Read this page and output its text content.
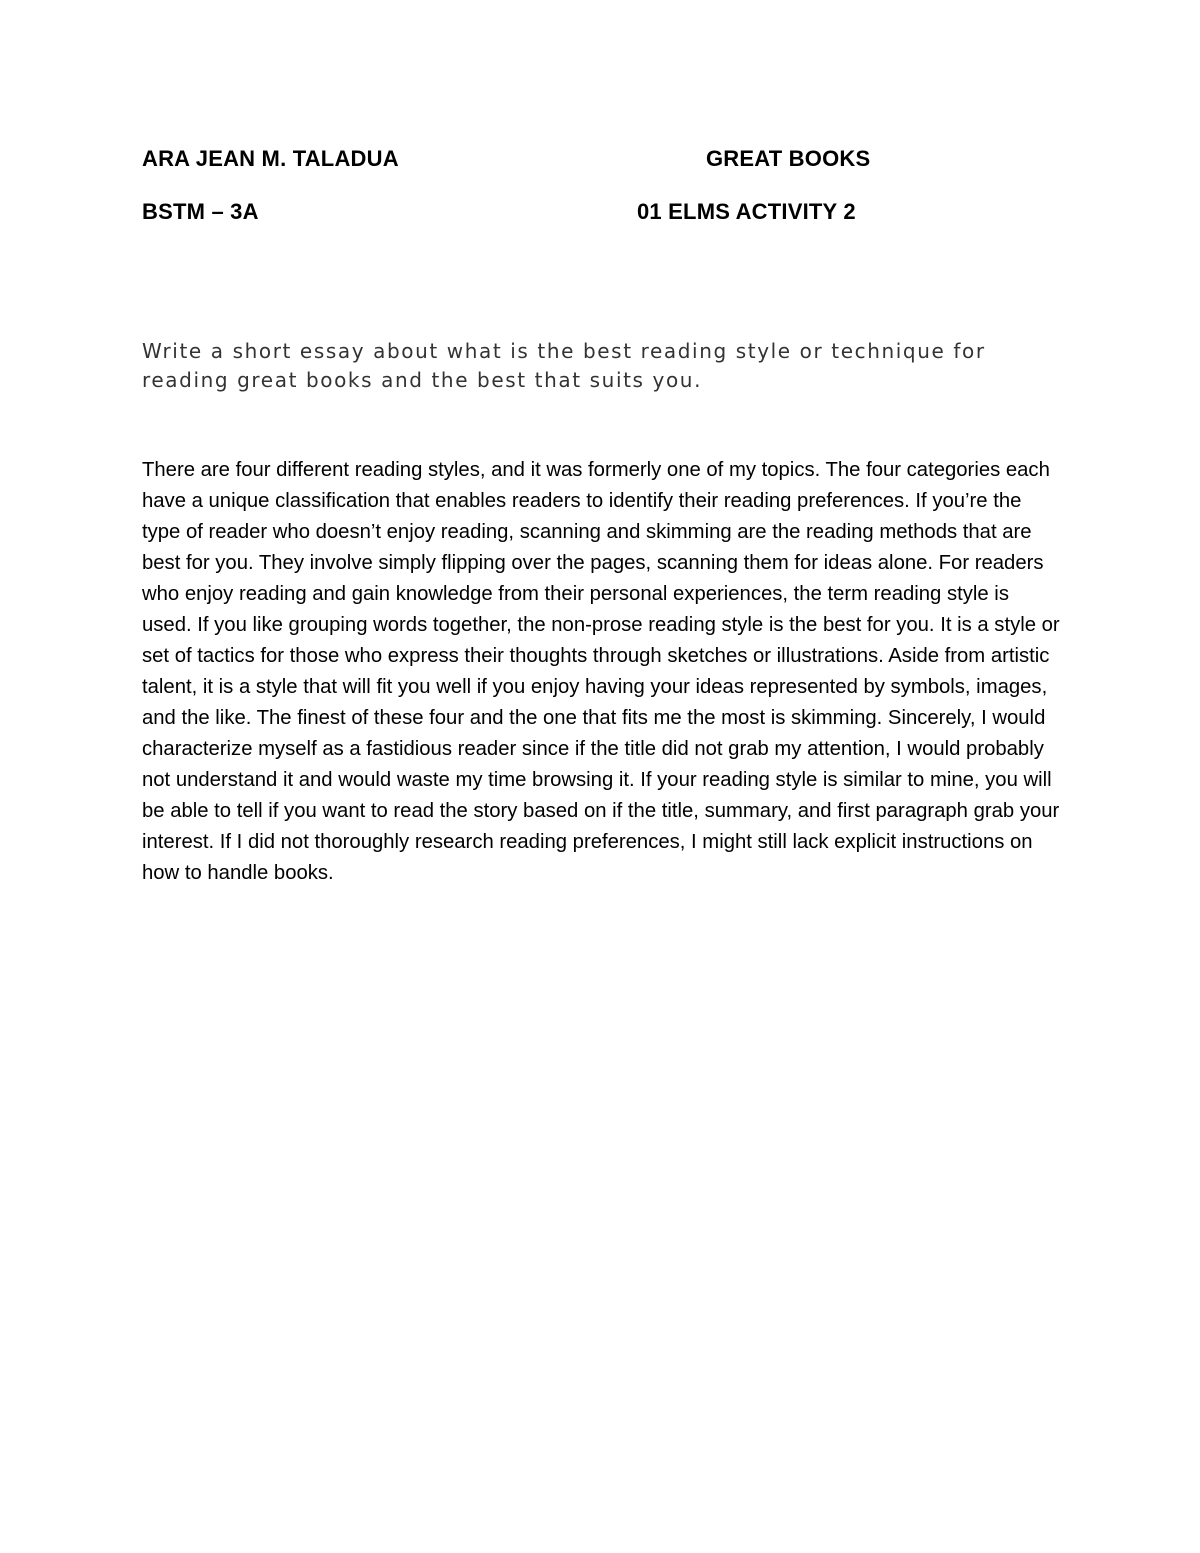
ARA JEAN M. TALADUA	GREAT BOOKS
BSTM – 3A	01 ELMS ACTIVITY 2
Write a short essay about what is the best reading style or technique for reading great books and the best that suits you.
There are four different reading styles, and it was formerly one of my topics. The four categories each have a unique classification that enables readers to identify their reading preferences. If you’re the type of reader who doesn’t enjoy reading, scanning and skimming are the reading methods that are best for you. They involve simply flipping over the pages, scanning them for ideas alone. For readers who enjoy reading and gain knowledge from their personal experiences, the term reading style is used. If you like grouping words together, the non-prose reading style is the best for you. It is a style or set of tactics for those who express their thoughts through sketches or illustrations. Aside from artistic talent, it is a style that will fit you well if you enjoy having your ideas represented by symbols, images, and the like. The finest of these four and the one that fits me the most is skimming. Sincerely, I would characterize myself as a fastidious reader since if the title did not grab my attention, I would probably not understand it and would waste my time browsing it. If your reading style is similar to mine, you will be able to tell if you want to read the story based on if the title, summary, and first paragraph grab your interest. If I did not thoroughly research reading preferences, I might still lack explicit instructions on how to handle books.
